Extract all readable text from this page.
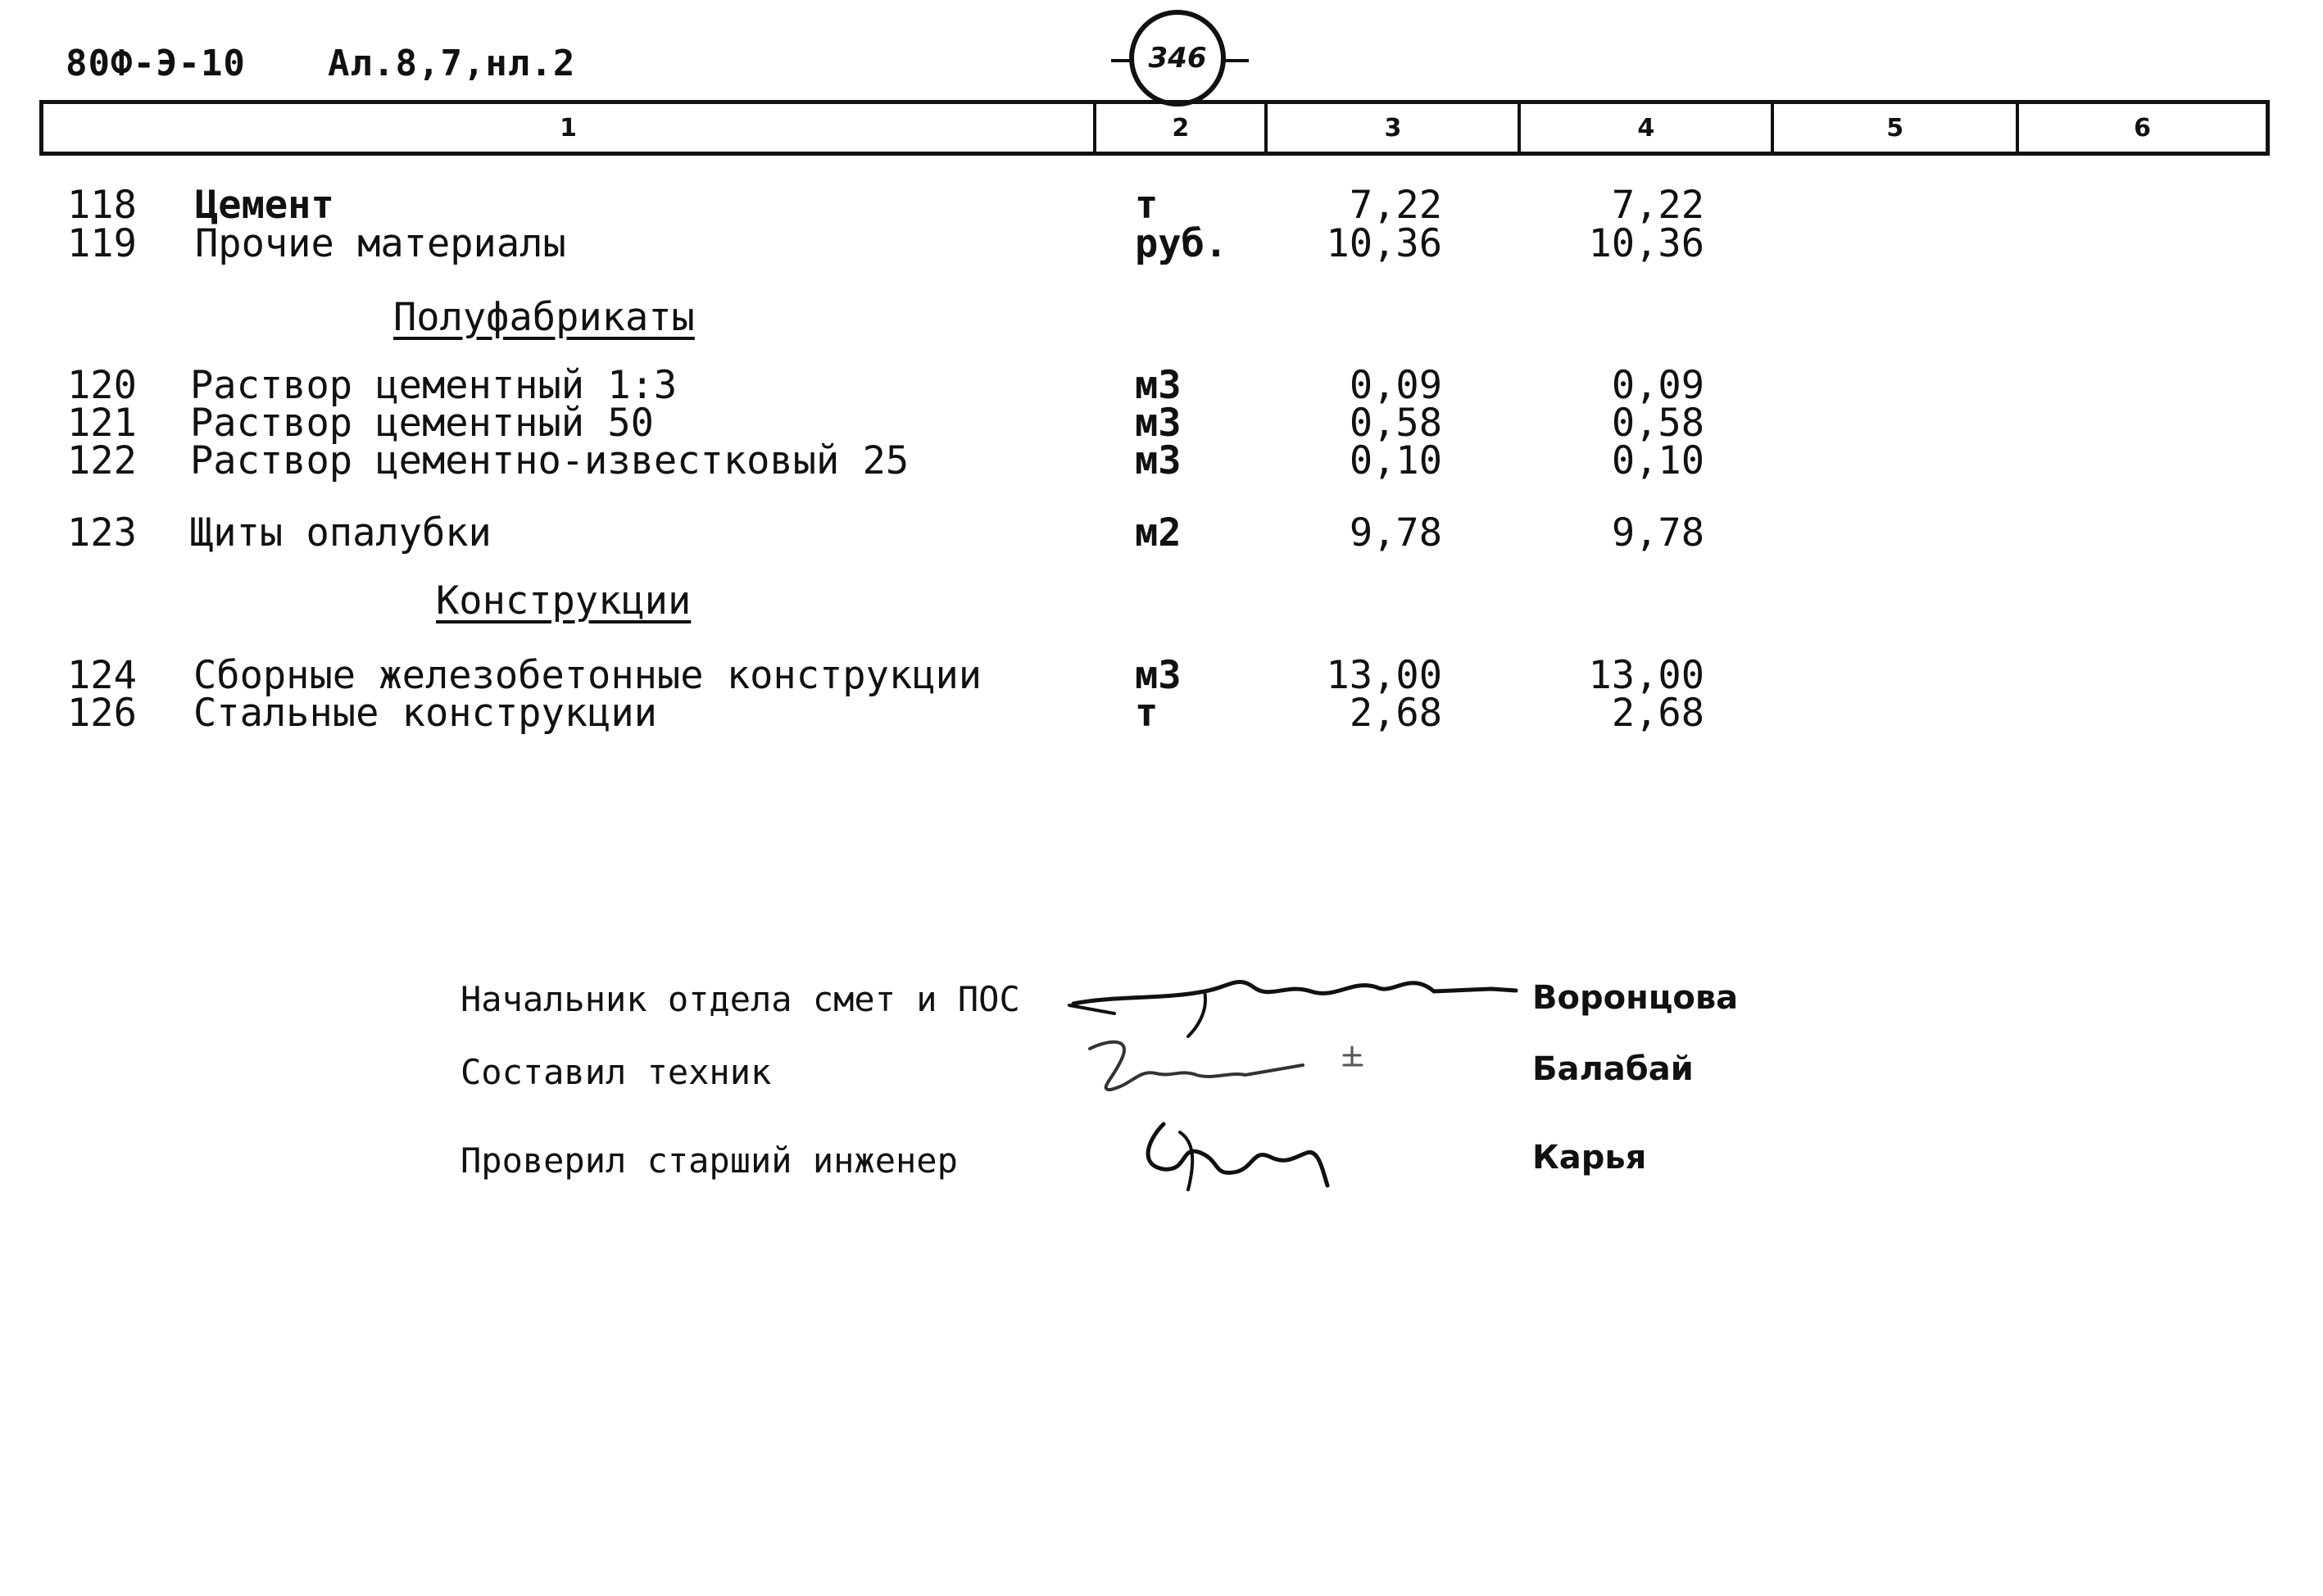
80Ф-Э-10 Ал.8,7,нл.2	346
1	2	3	4	5	6
118 Цемент	т	7,22	7,22
119 Прочие материалы	руб.	10,36	10,36
Полуфабрикаты
120 Раствор цементный 1:3	м3	0,09	0,09
121 Раствор цементный 50	м3	0,58	0,58
122 Раствор цементно-известковый 25	м3	0,10	0,10
123 Щиты опалубки	м2	9,78	9,78
Конструкции
124 Сборные железобетонные конструкции	м3	13,00	13,00
126 Стальные конструкции	т	2,68	2,68
Начальник отдела смет и ПОС	Воронцова
Составил техник	Балабай
Проверил старший инженер	Карья
